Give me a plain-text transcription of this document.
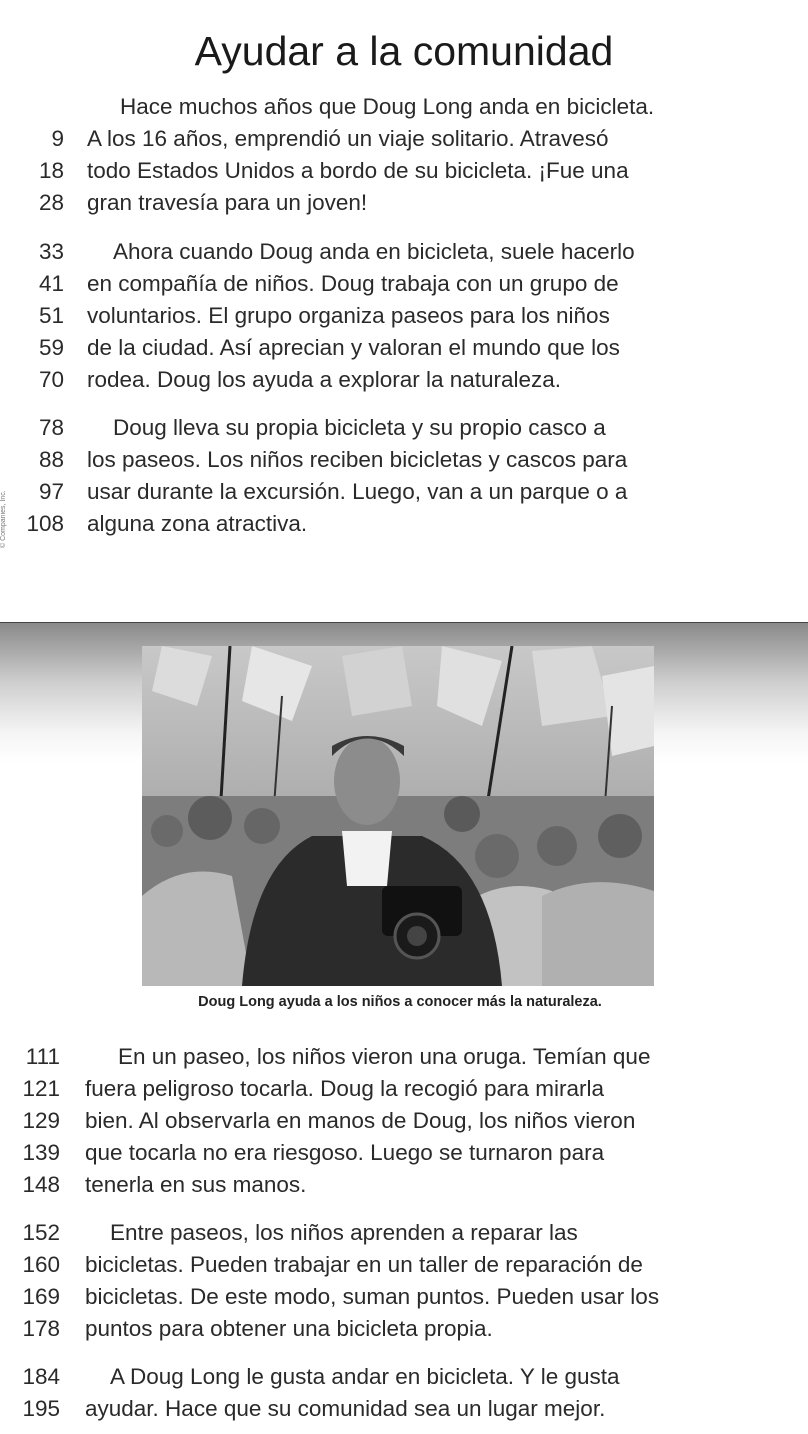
Ayudar a la comunidad
Hace muchos años que Doug Long anda en bicicleta.
9 A los 16 años, emprendió un viaje solitario. Atravesó
18 todo Estados Unidos a bordo de su bicicleta. ¡Fue una
28 gran travesía para un joven!
33 Ahora cuando Doug anda en bicicleta, suele hacerlo
41 en compañía de niños. Doug trabaja con un grupo de
51 voluntarios. El grupo organiza paseos para los niños
59 de la ciudad. Así aprecian y valoran el mundo que los
70 rodea. Doug los ayuda a explorar la naturaleza.
78 Doug lleva su propia bicicleta y su propio casco a
88 los paseos. Los niños reciben bicicletas y cascos para
97 usar durante la excursión. Luego, van a un parque o a
108 alguna zona atractiva.
© Companies, Inc.
Doug Long ayuda a los niños a conocer más la naturaleza.
111	En un paseo, los niños vieron una oruga. Temían que
121 fuera peligroso tocarla. Doug la recogió para mirarla
129 bien. Al observarla en manos de Doug, los niños vieron
139 que tocarla no era riesgoso. Luego se turnaron para
148 tenerla en sus manos.
152 Entre paseos, los niños aprenden a reparar las
160 bicicletas. Pueden trabajar en un taller de reparación de
169 bicicletas. De este modo, suman puntos. Pueden usar los
178 puntos para obtener una bicicleta propia.
184 A Doug Long le gusta andar en bicicleta. Y le gusta
195 ayudar. Hace que su comunidad sea un lugar mejor.
